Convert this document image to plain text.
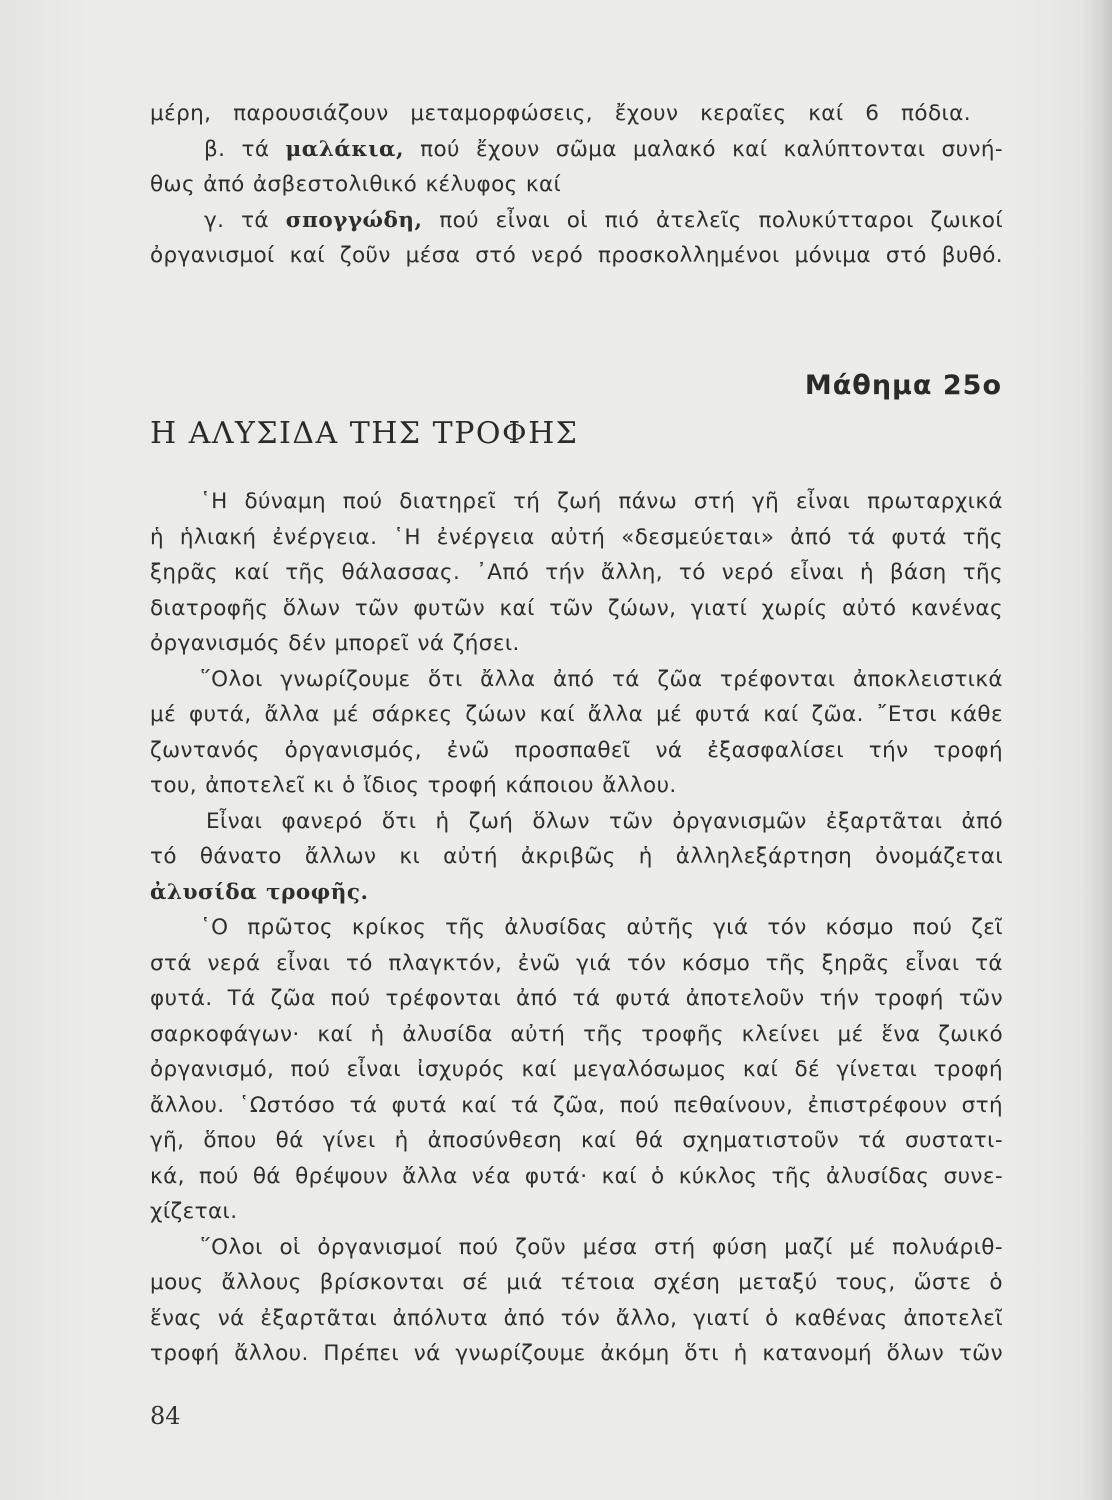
μέρη, παρουσιάζουν μεταμορφώσεις, ἔχουν κεραῖες καί 6 πόδια.
β. τά μαλάκια, πού ἔχουν σῶμα μαλακό καί καλύπτονται συνή-
θως ἀπό ἀσβεστολιθικό κέλυφος καί
γ. τά σπογγώδη, πού εἶναι οἱ πιό ἀτελεῖς πολυκύτταροι ζωικοί
ὀργανισμοί καί ζοῦν μέσα στό νερό προσκολλημένοι μόνιμα στό βυθό.
Μάθημα 25ο
Η ΑΛΥΣΙΔΑ ΤΗΣ ΤΡΟΦΗΣ
῾Η δύναμη πού διατηρεῖ τή ζωή πάνω στή γῆ εἶναι πρωταρχικά
ἡ ἡλιακή ἐνέργεια. ῾Η ἐνέργεια αὐτή «δεσμεύεται» ἀπό τά φυτά τῆς
ξηρᾶς καί τῆς θάλασσας. ᾿Από τήν ἄλλη, τό νερό εἶναι ἡ βάση τῆς
διατροφῆς ὅλων τῶν φυτῶν καί τῶν ζώων, γιατί χωρίς αὐτό κανένας
ὀργανισμός δέν μπορεῖ νά ζήσει.
῞Ολοι γνωρίζουμε ὅτι ἄλλα ἀπό τά ζῶα τρέφονται ἀποκλειστικά
μέ φυτά, ἄλλα μέ σάρκες ζώων καί ἄλλα μέ φυτά καί ζῶα. ῎Ετσι κάθε
ζωντανός ὀργανισμός, ἐνῶ προσπαθεῖ νά ἐξασφαλίσει τήν τροφή
του, ἀποτελεῖ κι ὁ ἴδιος τροφή κάποιου ἄλλου.
Εἶναι φανερό ὅτι ἡ ζωή ὅλων τῶν ὀργανισμῶν ἐξαρτᾶται ἀπό
τό θάνατο ἄλλων κι αὐτή ἀκριβῶς ἡ ἀλληλεξάρτηση ὀνομάζεται
ἀλυσίδα τροφῆς.
῾Ο πρῶτος κρίκος τῆς ἀλυσίδας αὐτῆς γιά τόν κόσμο πού ζεῖ
στά νερά εἶναι τό πλαγκτόν, ἐνῶ γιά τόν κόσμο τῆς ξηρᾶς εἶναι τά
φυτά. Τά ζῶα πού τρέφονται ἀπό τά φυτά ἀποτελοῦν τήν τροφή τῶν
σαρκοφάγων· καί ἡ ἀλυσίδα αὐτή τῆς τροφῆς κλείνει μέ ἕνα ζωικό
ὀργανισμό, πού εἶναι ἰσχυρός καί μεγαλόσωμος καί δέ γίνεται τροφή
ἄλλου. ῾Ωστόσο τά φυτά καί τά ζῶα, πού πεθαίνουν, ἐπιστρέφουν στή
γῆ, ὅπου θά γίνει ἡ ἀποσύνθεση καί θά σχηματιστοῦν τά συστατι-
κά, πού θά θρέψουν ἄλλα νέα φυτά· καί ὁ κύκλος τῆς ἀλυσίδας συνε-
χίζεται.
῞Ολοι οἱ ὀργανισμοί πού ζοῦν μέσα στή φύση μαζί μέ πολυάριθ-
μους ἄλλους βρίσκονται σέ μιά τέτοια σχέση μεταξύ τους, ὥστε ὁ
ἕνας νά ἐξαρτᾶται ἀπόλυτα ἀπό τόν ἄλλο, γιατί ὁ καθένας ἀποτελεῖ
τροφή ἄλλου. Πρέπει νά γνωρίζουμε ἀκόμη ὅτι ἡ κατανομή ὅλων τῶν
84
